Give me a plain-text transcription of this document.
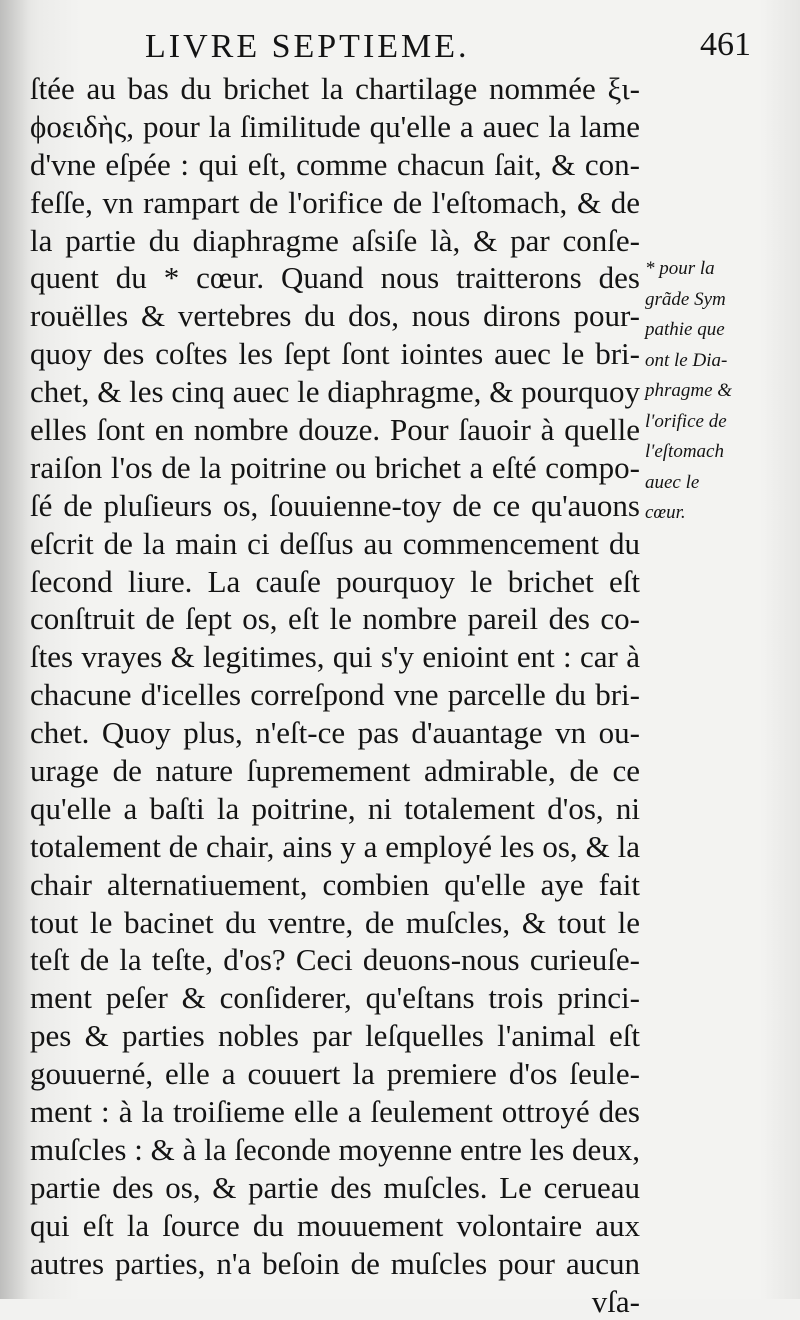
LIVRE SEPTIEME.	461
ſtée au bas du brichet la chartilage nommée ξι-
ϕοειδὴς, pour la ſimilitude qu'elle a auec la lame
d'vne eſpée : qui eſt, comme chacun ſait, & con-
feſſe, vn rampart de l'orifice de l'eſtomach, & de
la partie du diaphragme aſsiſe là, & par conſe-
quent du * cœur. Quand nous traitterons des
rouëlles & vertebres du dos, nous dirons pour-
quoy des coſtes les ſept ſont iointes auec le bri-
chet, & les cinq auec le diaphragme, & pourquoy
elles ſont en nombre douze. Pour ſauoir à quelle
raiſon l'os de la poitrine ou brichet a eſté compo-
ſé de pluſieurs os, ſouuienne-toy de ce qu'auons
eſcrit de la main ci deſſus au commencement du
ſecond liure. La cauſe pourquoy le brichet eſt
conſtruit de ſept os, eſt le nombre pareil des co-
ſtes vrayes & legitimes, qui s'y enioint ent : car à
chacune d'icelles correſpond vne parcelle du bri-
chet. Quoy plus, n'eſt-ce pas d'auantage vn ou-
urage de nature ſupremement admirable, de ce
qu'elle a baſti la poitrine, ni totalement d'os, ni
totalement de chair, ains y a employé les os, & la
chair alternatiuement, combien qu'elle aye fait
tout le bacinet du ventre, de muſcles, & tout le
teſt de la teſte, d'os? Ceci deuons-nous curieuſe-
ment peſer & conſiderer, qu'eſtans trois princi-
pes & parties nobles par leſquelles l'animal eſt
gouuerné, elle a couuert la premiere d'os ſeule-
ment : à la troiſieme elle a ſeulement ottroyé des
muſcles : & à la ſeconde moyenne entre les deux,
partie des os, & partie des muſcles. Le cerueau
qui eſt la ſource du mouuement volontaire aux
autres parties, n'a beſoin de muſcles pour aucun
vſa-
* pour la
grãde Sym
pathie que
ont le Dia-
phragme &
l'orifice de
l'eſtomach
auec le
cœur.
